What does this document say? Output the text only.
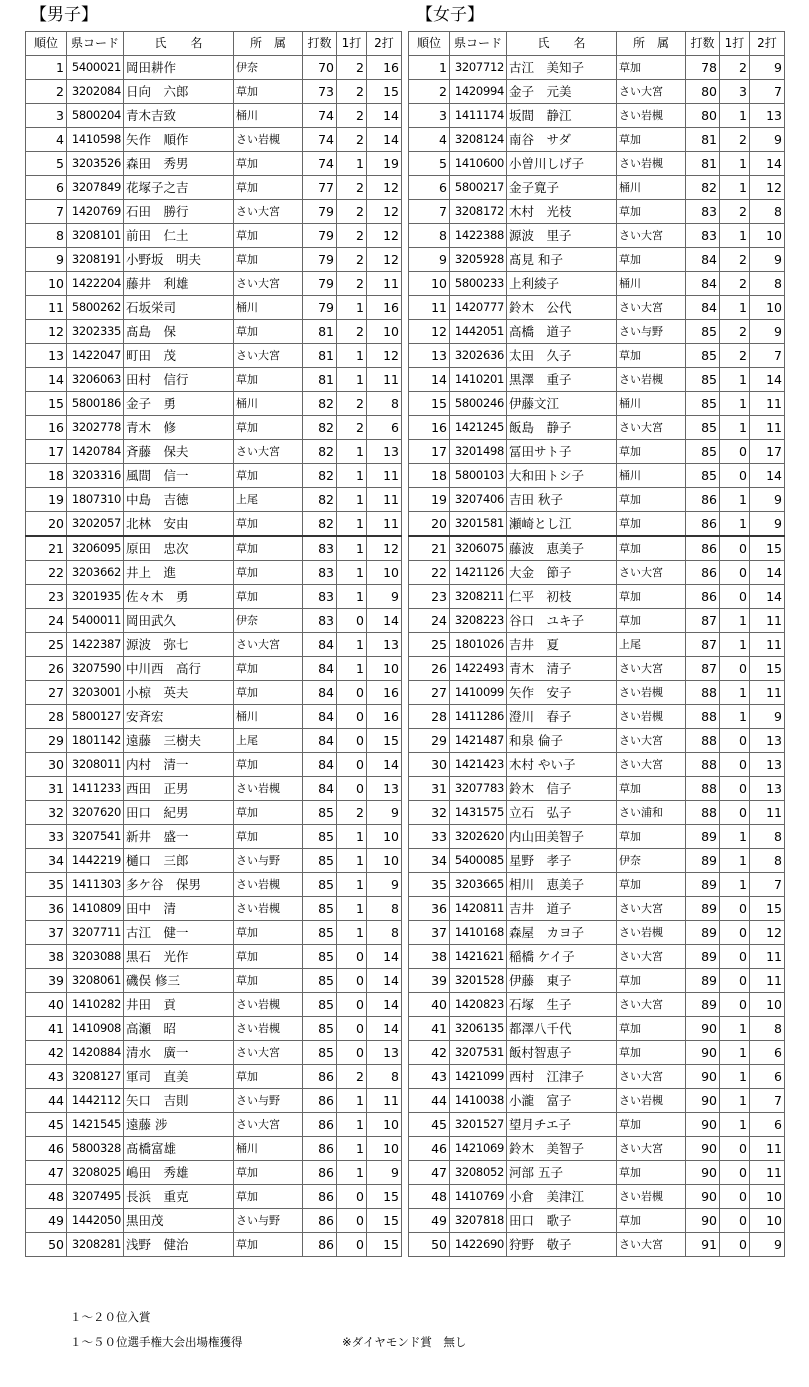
【男子】	【女子】
順位	県コード	氏　　名	所　属	打数	1打	2打
1	5400021	岡田耕作	伊奈	70	2	16
2	3202084	日向　六郎	草加	73	2	15
3	5800204	青木吉致	桶川	74	2	14
4	1410598	矢作　順作	さい岩槻	74	2	14
5	3203526	森田　秀男	草加	74	1	19
6	3207849	花塚子之吉	草加	77	2	12
7	1420769	石田　勝行	さい大宮	79	2	12
8	3208101	前田　仁土	草加	79	2	12
9	3208191	小野坂　明夫	草加	79	2	12
10	1422204	藤井　利雄	さい大宮	79	2	11
11	5800262	石坂栄司	桶川	79	1	16
12	3202335	髙島　保	草加	81	2	10
13	1422047	町田　茂	さい大宮	81	1	12
14	3206063	田村　信行	草加	81	1	11
15	5800186	金子　勇	桶川	82	2	8
16	3202778	青木　修	草加	82	2	6
17	1420784	斉藤　保夫	さい大宮	82	1	13
18	3203316	風間　信一	草加	82	1	11
19	1807310	中島　吉徳	上尾	82	1	11
20	3202057	北林　安由	草加	82	1	11
21	3206095	原田　忠次	草加	83	1	12
22	3203662	井上　進	草加	83	1	10
23	3201935	佐々木　勇	草加	83	1	9
24	5400011	岡田武久	伊奈	83	0	14
25	1422387	源波　弥七	さい大宮	84	1	13
26	3207590	中川西　高行	草加	84	1	10
27	3203001	小椋　英夫	草加	84	0	16
28	5800127	安斉宏	桶川	84	0	16
29	1801142	遠藤　三樹夫	上尾	84	0	15
30	3208011	内村　清一	草加	84	0	14
31	1411233	西田　正男	さい岩槻	84	0	13
32	3207620	田口　紀男	草加	85	2	9
33	3207541	新井　盛一	草加	85	1	10
34	1442219	樋口　三郎	さい与野	85	1	10
35	1411303	多ケ谷　保男	さい岩槻	85	1	9
36	1410809	田中　清	さい岩槻	85	1	8
37	3207711	古江　健一	草加	85	1	8
38	3203088	黒石　光作	草加	85	0	14
39	3208061	磯俣 修三	草加	85	0	14
40	1410282	井田　貢	さい岩槻	85	0	14
41	1410908	高瀬　昭	さい岩槻	85	0	14
42	1420884	清水　廣一	さい大宮	85	0	13
43	3208127	軍司　直美	草加	86	2	8
44	1442112	矢口　吉則	さい与野	86	1	11
45	1421545	遠藤 涉	さい大宮	86	1	10
46	5800328	髙橋富雄	桶川	86	1	10
47	3208025	嶋田　秀雄	草加	86	1	9
48	3207495	長浜　重克	草加	86	0	15
49	1442050	黒田茂	さい与野	86	0	15
50	3208281	浅野　健治	草加	86	0	15
順位	県コード	氏　　名	所　属	打数	1打	2打
1	3207712	古江　美知子	草加	78	2	9
2	1420994	金子　元美	さい大宮	80	3	7
3	1411174	坂間　静江	さい岩槻	80	1	13
4	3208124	南谷　サダ	草加	81	2	9
5	1410600	小曽川しげ子	さい岩槻	81	1	14
6	5800217	金子寛子	桶川	82	1	12
7	3208172	木村　光枝	草加	83	2	8
8	1422388	源波　里子	さい大宮	83	1	10
9	3205928	髙見 和子	草加	84	2	9
10	5800233	上利綾子	桶川	84	2	8
11	1420777	鈴木　公代	さい大宮	84	1	10
12	1442051	高橋　道子	さい与野	85	2	9
13	3202636	太田　久子	草加	85	2	7
14	1410201	黒澤　重子	さい岩槻	85	1	14
15	5800246	伊藤文江	桶川	85	1	11
16	1421245	飯島　静子	さい大宮	85	1	11
17	3201498	冨田サト子	草加	85	0	17
18	5800103	大和田トシ子	桶川	85	0	14
19	3207406	吉田 秋子	草加	86	1	9
20	3201581	瀬崎とし江	草加	86	1	9
21	3206075	藤波　恵美子	草加	86	0	15
22	1421126	大金　節子	さい大宮	86	0	14
23	3208211	仁平　初枝	草加	86	0	14
24	3208223	谷口　ユキ子	草加	87	1	11
25	1801026	吉井　夏	上尾	87	1	11
26	1422493	青木　清子	さい大宮	87	0	15
27	1410099	矢作　安子	さい岩槻	88	1	11
28	1411286	澄川　春子	さい岩槻	88	1	9
29	1421487	和泉 倫子	さい大宮	88	0	13
30	1421423	木村 やい子	さい大宮	88	0	13
31	3207783	鈴木　信子	草加	88	0	13
32	1431575	立石　弘子	さい浦和	88	0	11
33	3202620	内山田美智子	草加	89	1	8
34	5400085	星野　孝子	伊奈	89	1	8
35	3203665	相川　恵美子	草加	89	1	7
36	1420811	吉井　道子	さい大宮	89	0	15
37	1410168	森屋　カヨ子	さい岩槻	89	0	12
38	1421621	稲橋 ケイ子	さい大宮	89	0	11
39	3201528	伊藤　東子	草加	89	0	11
40	1420823	石塚　生子	さい大宮	89	0	10
41	3206135	都澤八千代	草加	90	1	8
42	3207531	飯村智恵子	草加	90	1	6
43	1421099	西村　江津子	さい大宮	90	1	6
44	1410038	小瀧　富子	さい岩槻	90	1	7
45	3201527	望月チエ子	草加	90	1	6
46	1421069	鈴木　美智子	さい大宮	90	0	11
47	3208052	河部 五子	草加	90	0	11
48	1410769	小倉　美津江	さい岩槻	90	0	10
49	3207818	田口　歌子	草加	90	0	10
50	1422690	狩野　敬子	さい大宮	91	0	9
１～２０位入賞
１～５０位選手権大会出場権獲得	※ダイヤモンド賞　無し
